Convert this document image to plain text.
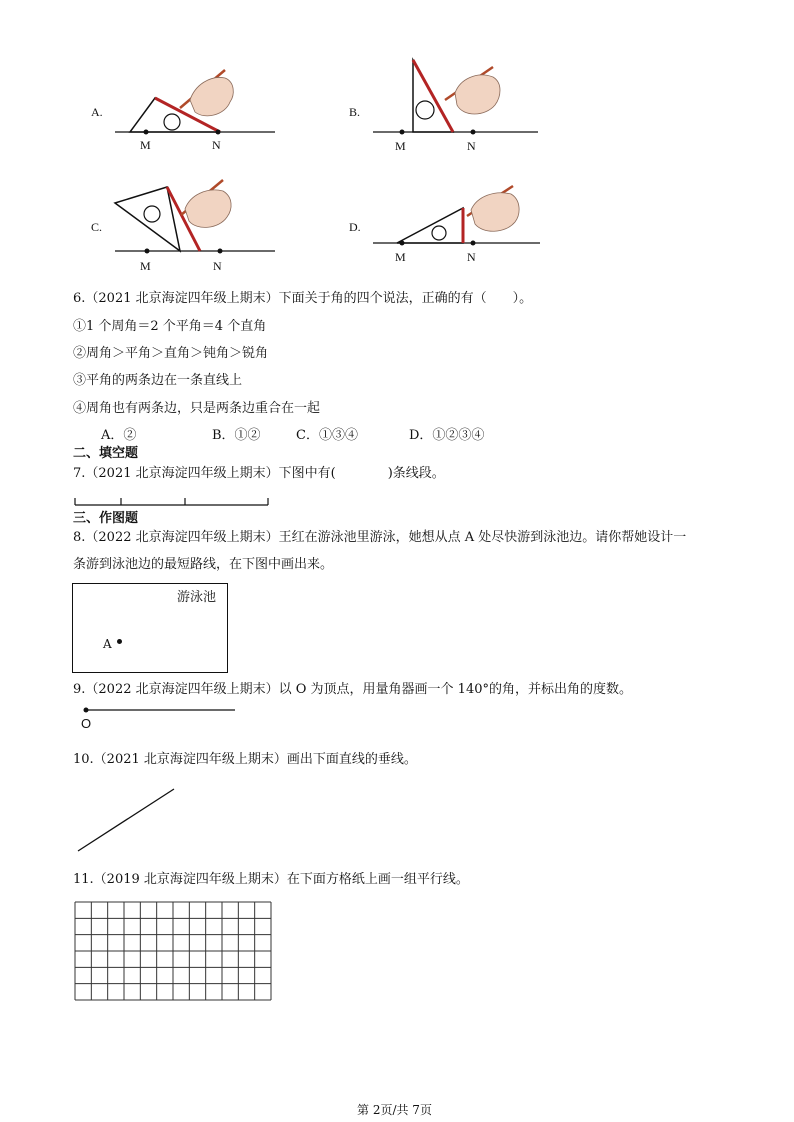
A.
M	N
B.
M	N
C.
M	N
D.
M	N
6.（2021 北京海淀四年级上期末）下面关于角的四个说法，正确的有（　　）。
①1 个周角＝2 个平角＝4 个直角
②周角＞平角＞直角＞钝角＞锐角
③平角的两条边在一条直线上
④周角也有两条边，只是两条边重合在一起
A．②	B．①②	C．①③④	D．①②③④
二、填空题
7.（2021 北京海淀四年级上期末）下图中有(　　　　)条线段。
三、作图题
8.（2022 北京海淀四年级上期末）王红在游泳池里游泳，她想从点 A 处尽快游到泳池边。请你帮她设计一
条游到泳池边的最短路线，在下图中画出来。
游泳池
A
9.（2022 北京海淀四年级上期末）以 O 为顶点，用量角器画一个 140°的角，并标出角的度数。
O
10.（2021 北京海淀四年级上期末）画出下面直线的垂线。
11.（2019 北京海淀四年级上期末）在下面方格纸上画一组平行线。
第 2页/共 7页
